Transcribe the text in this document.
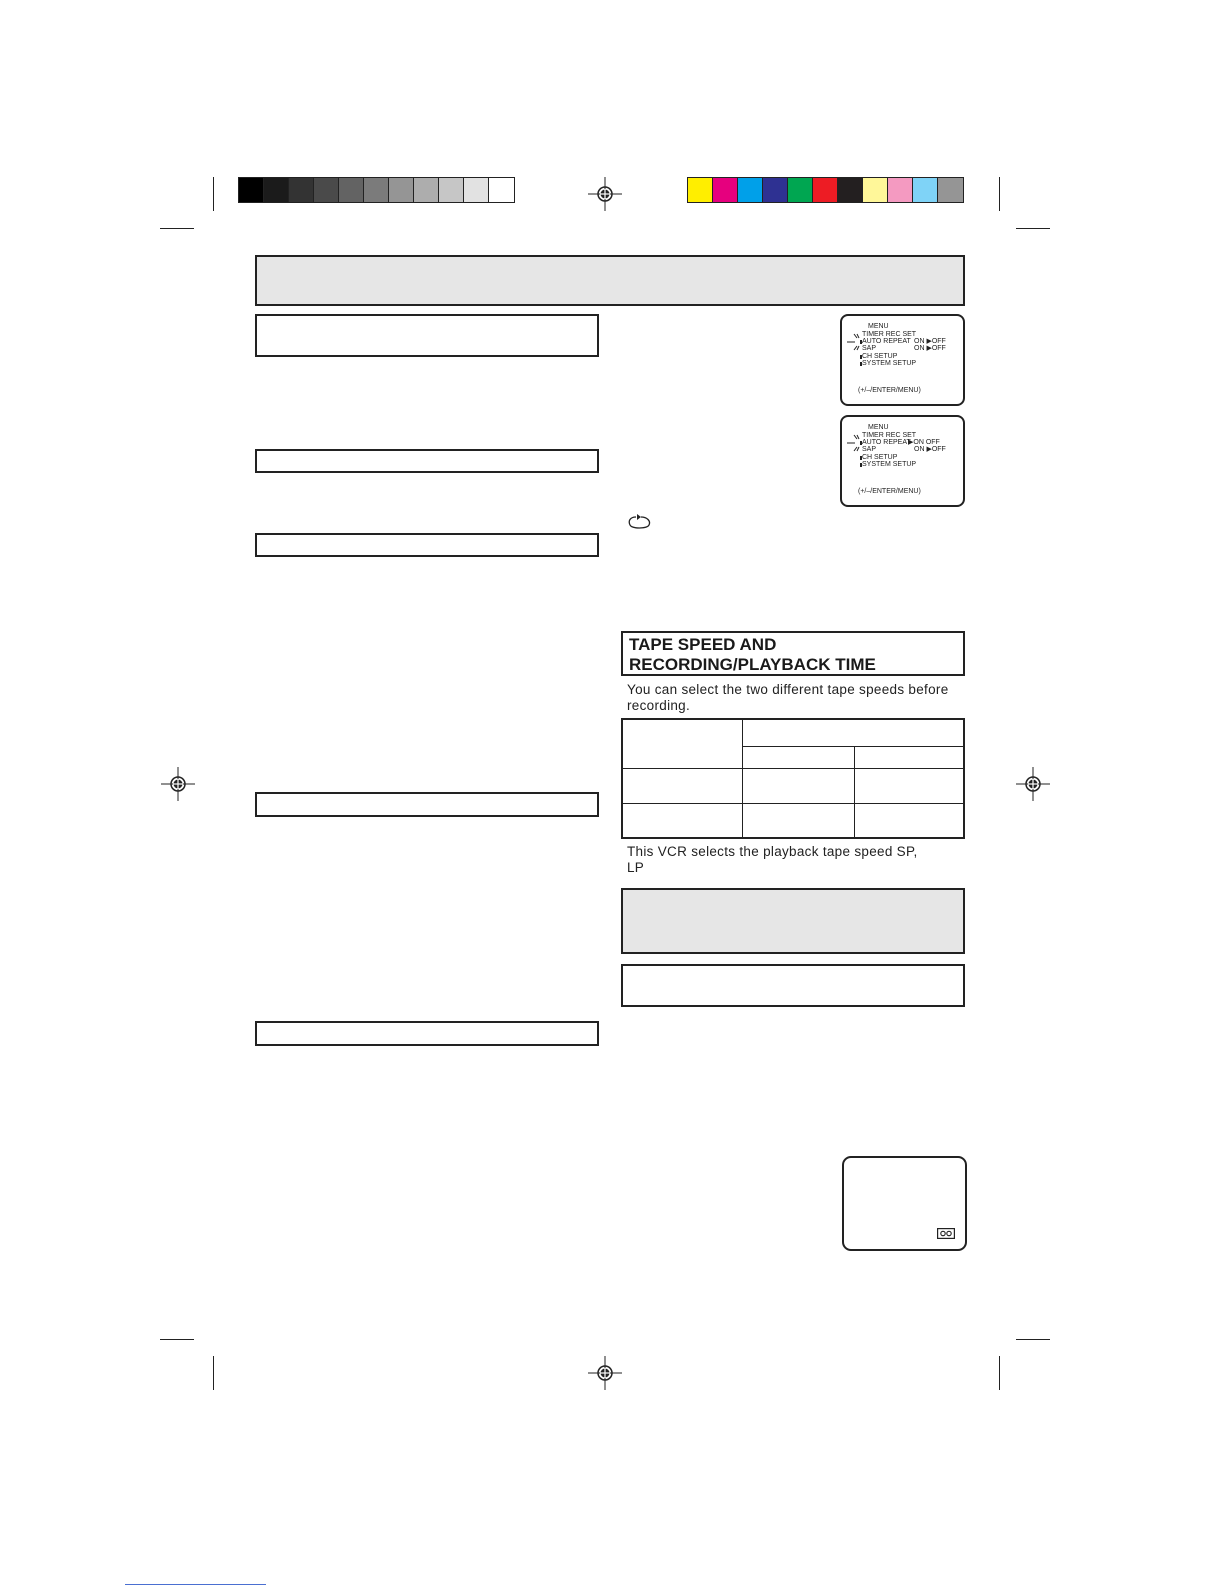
MENU
TIMER REC SET
AUTO REPEAT ON ▶OFF
SAP	ON ▶OFF
CH SETUP
SYSTEM SETUP
(+/–/ENTER/MENU)
MENU
TIMER REC SET
AUTO REPEAT
▶ON OFF
SAP	ON ▶OFF
CH SETUP
SYSTEM SETUP
(+/–/ENTER/MENU)
TAPE SPEED AND
RECORDING/PLAYBACK TIME
You can select the two different tape speeds before
recording.

This VCR selects the playback tape speed SP,
LP
